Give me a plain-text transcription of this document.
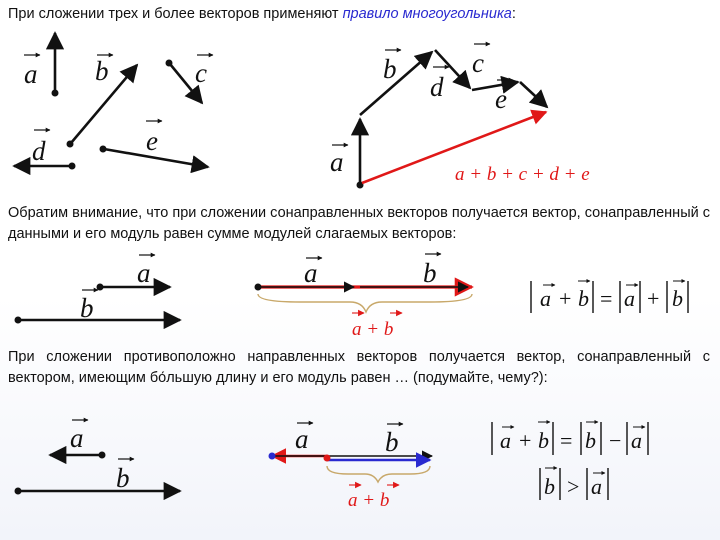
При сложении трех и более векторов применяют правило многоугольника:

Обратим внимание, что при сложении сонаправленных векторов получается вектор, сонаправленный с данными и его модуль равен сумме модулей слагаемых векторов:

При сложении противоположно направленных векторов получается вектор, сонаправленный с вектором, имеющим бо́льшую длину и его модуль равен … (подумайте, чему?):

a b	c
d	e
a
b	c
d e
a + b + c + d + e
a
b
a	b
a + b
a + b = a + b
a
b
a	b
a + b
a + b = b − a
b > a
